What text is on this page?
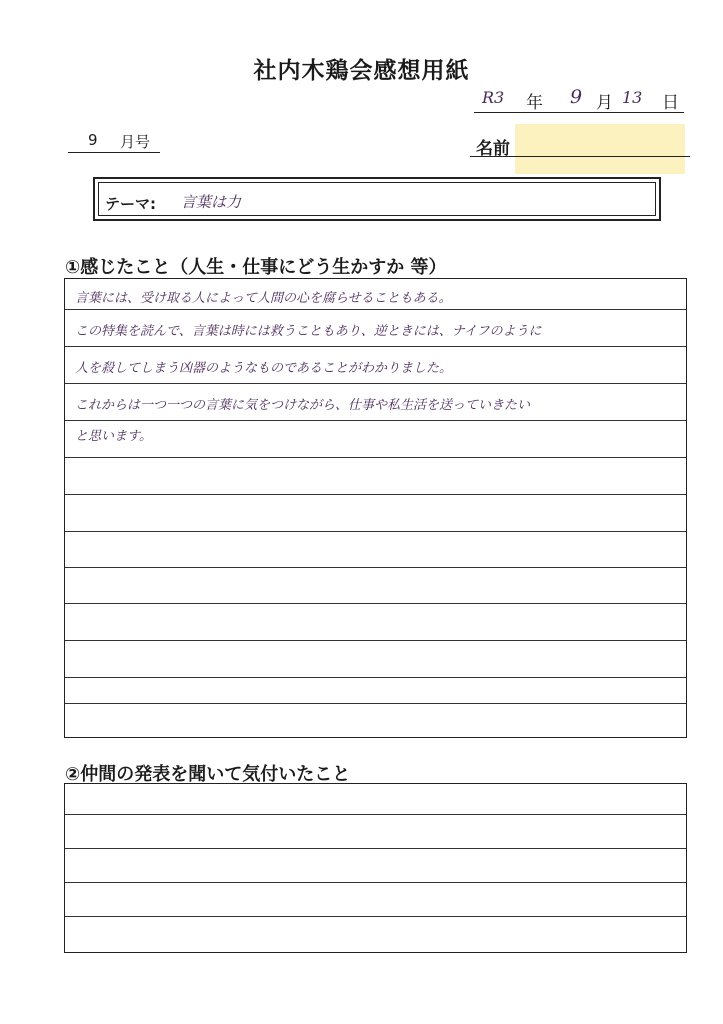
社内木鶏会感想用紙
R3 年 9 月 13 日
9 月号	名前
テーマ: 言葉は力
①感じたこと（人生・仕事にどう生かすか 等）
言葉には、受け取る人によって人間の心を腐らせることもある。
この特集を読んで、言葉は時には救うこともあり、逆ときには、ナイフのように
人を殺してしまう凶器のようなものであることがわかりました。
これからは一つ一つの言葉に気をつけながら、仕事や私生活を送っていきたい
と思います。
②仲間の発表を聞いて気付いたこと
